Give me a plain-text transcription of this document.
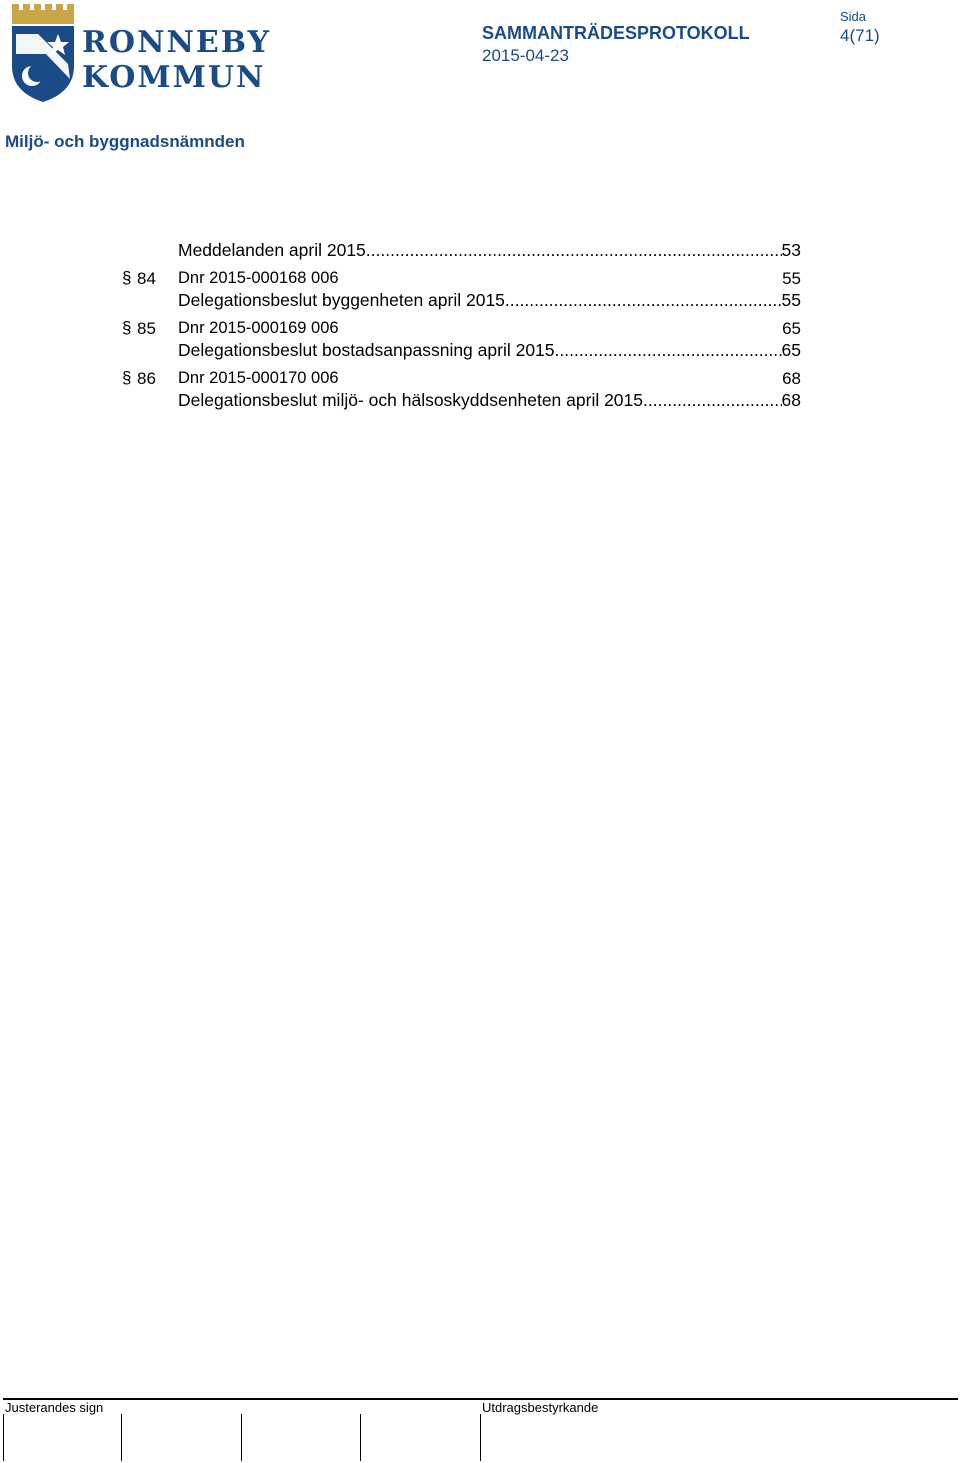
RONNEBY
KOMMUN
SAMMANTRÄDESPROTOKOLL
2015-04-23
Sida
4(71)
Miljö- och byggnadsnämnden
Meddelanden april 2015 .....	53
§ 84 Dnr 2015-000168 006	55
Delegationsbeslut byggenheten april 2015 .....	55
§ 85 Dnr 2015-000169 006	65
Delegationsbeslut bostadsanpassning april 2015 .....	65
§ 86 Dnr 2015-000170 006	68
Delegationsbeslut miljö- och hälsoskyddsenheten april 2015 .....	68
Justerandes sign	Utdragsbestyrkande
